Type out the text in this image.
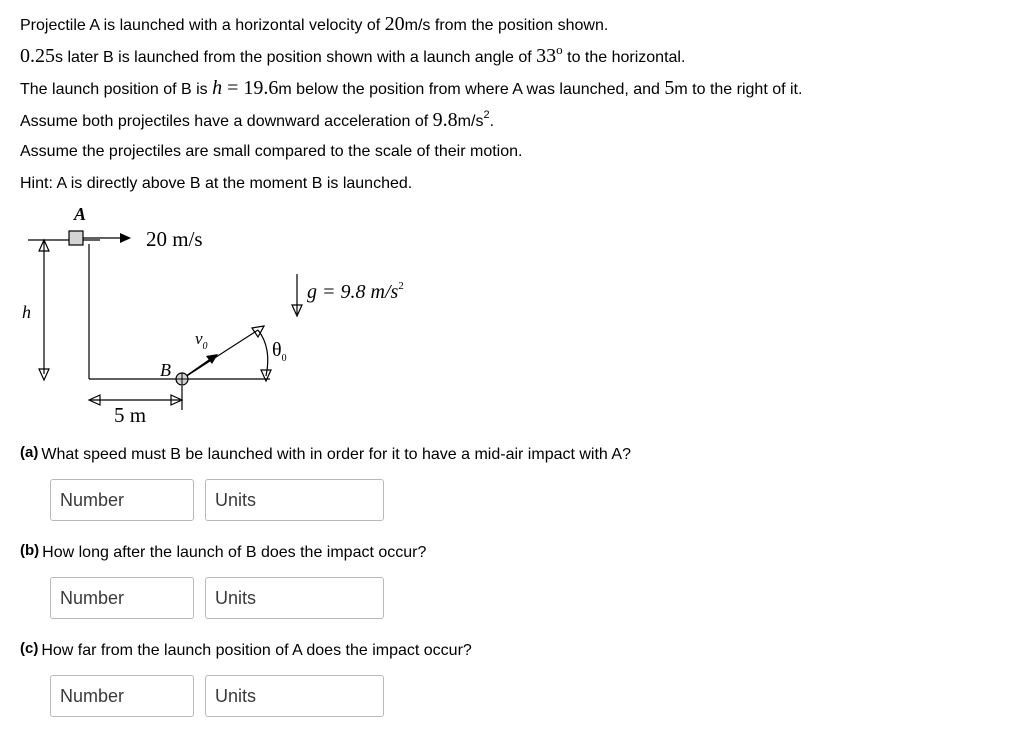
Projectile A is launched with a horizontal velocity of 20m/s from the position shown.
0.25s later B is launched from the position shown with a launch angle of 33$^o$ to the horizontal.
The launch position of B is h = 19.6m below the position from where A was launched, and 5m to the right of it.
Assume both projectiles have a downward acceleration of $9.8m/s^2$.
Assume the projectiles are small compared to the scale of their motion.
Hint: A is directly above B at the moment B is launched.
h
A
20 m/s
g = 9.8 $m/s^2$
$v_0$	$\theta_0$
B
5 m
(a) What speed must B be launched with in order for it to have a mid-air impact with A?
Number
Units
(b) How long after the launch of B does the impact occur?
Number
Units
(c) How far from the launch position of A does the impact occur?
Number
Units
